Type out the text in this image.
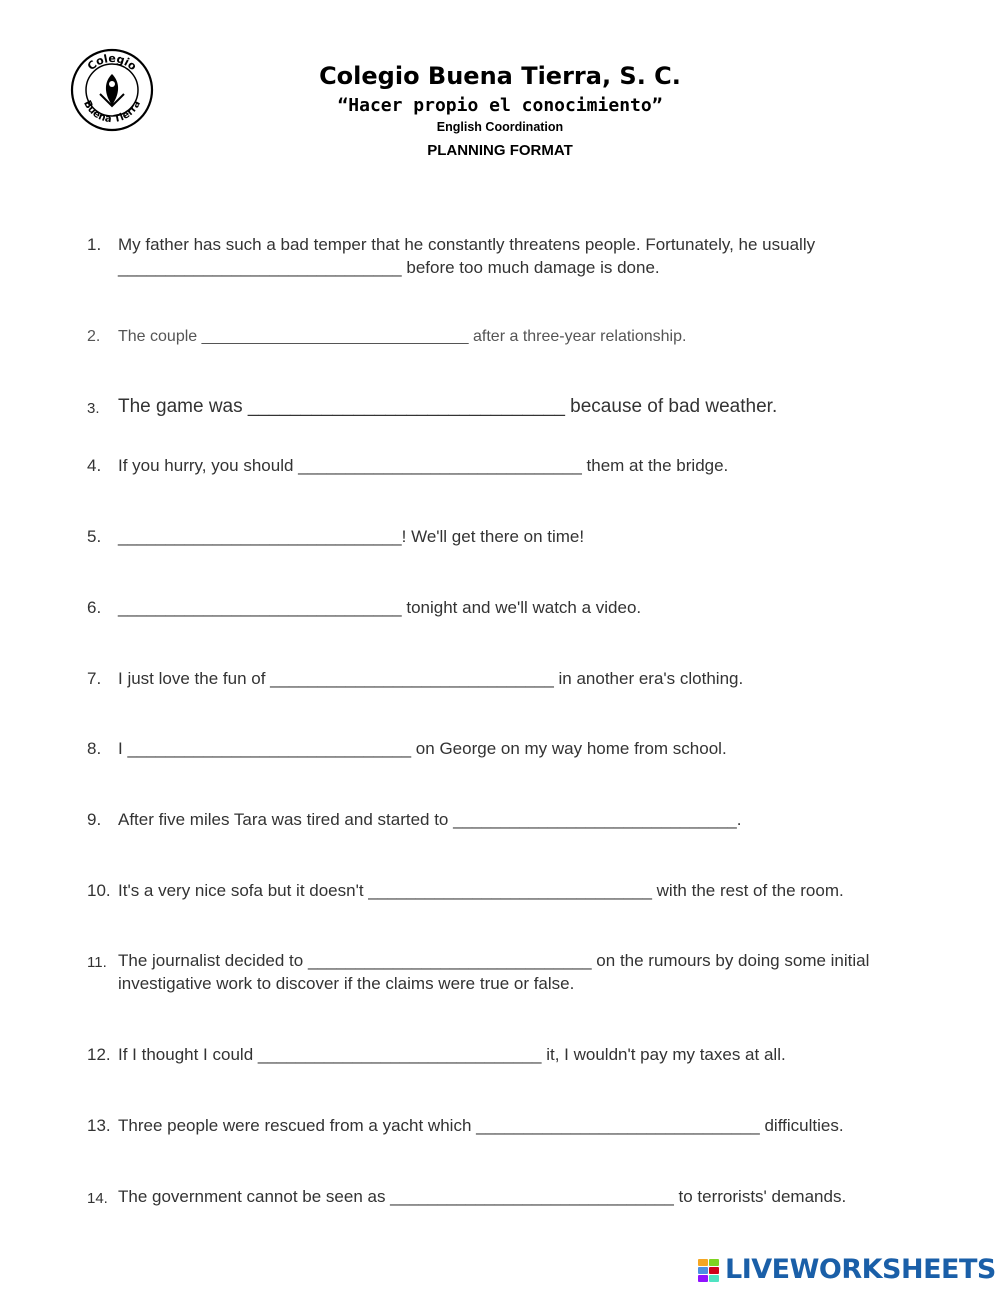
Colegio
Buena Tierra
Colegio Buena Tierra, S. C.
“Hacer propio el conocimiento”
English Coordination
PLANNING FORMAT
1. My father has such a bad temper that he constantly threatens people. Fortunately, he usually
______________________________ before too much damage is done.
2. The couple ______________________________ after a three-year relationship.
3. The game was ______________________________ because of bad weather.
4. If you hurry, you should ______________________________ them at the bridge.
5. ______________________________! We'll get there on time!
6. ______________________________ tonight and we'll watch a video.
7. I just love the fun of ______________________________ in another era's clothing.
8. I ______________________________ on George on my way home from school.
9. After five miles Tara was tired and started to ______________________________.
10. It's a very nice sofa but it doesn't ______________________________ with the rest of the room.
11. The journalist decided to ______________________________ on the rumours by doing some initial
investigative work to discover if the claims were true or false.
12. If I thought I could ______________________________ it, I wouldn't pay my taxes at all.
13. Three people were rescued from a yacht which ______________________________ difficulties.
14. The government cannot be seen as ______________________________ to terrorists' demands.
LIVEWORKSHEETS
